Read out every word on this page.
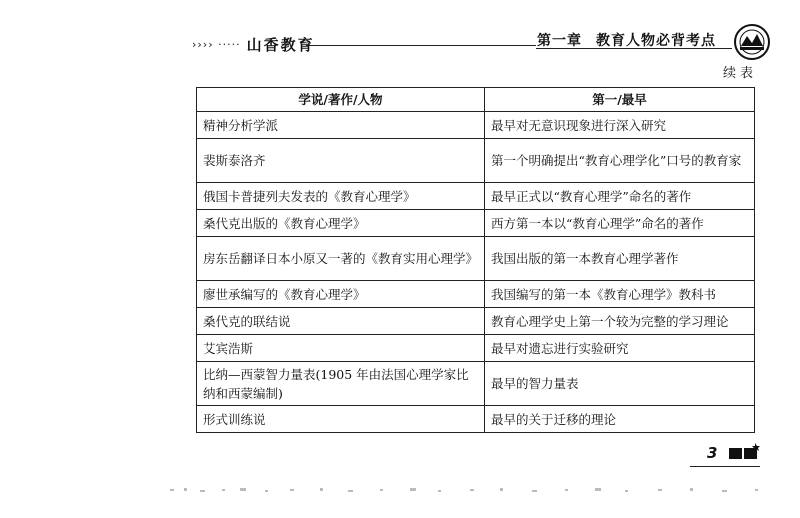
›››› ····· 山香教育	第一章 教育人物必背考点
续表
学说/著作/人物	第一/最早
精神分析学派	最早对无意识现象进行深入研究
裴斯泰洛齐	第一个明确提出“教育心理学化”口号的教育家
俄国卡普捷列夫发表的《教育心理学》	最早正式以“教育心理学”命名的著作
桑代克出版的《教育心理学》	西方第一本以“教育心理学”命名的著作
房东岳翻译日本小原又一著的《教育实用心理学》	我国出版的第一本教育心理学著作
廖世承编写的《教育心理学》	我国编写的第一本《教育心理学》教科书
桑代克的联结说	教育心理学史上第一个较为完整的学习理论
艾宾浩斯	最早对遗忘进行实验研究
比纳—西蒙智力量表(1905 年由法国心理学家比纳和西蒙编制)	最早的智力量表
形式训练说	最早的关于迁移的理论
3
